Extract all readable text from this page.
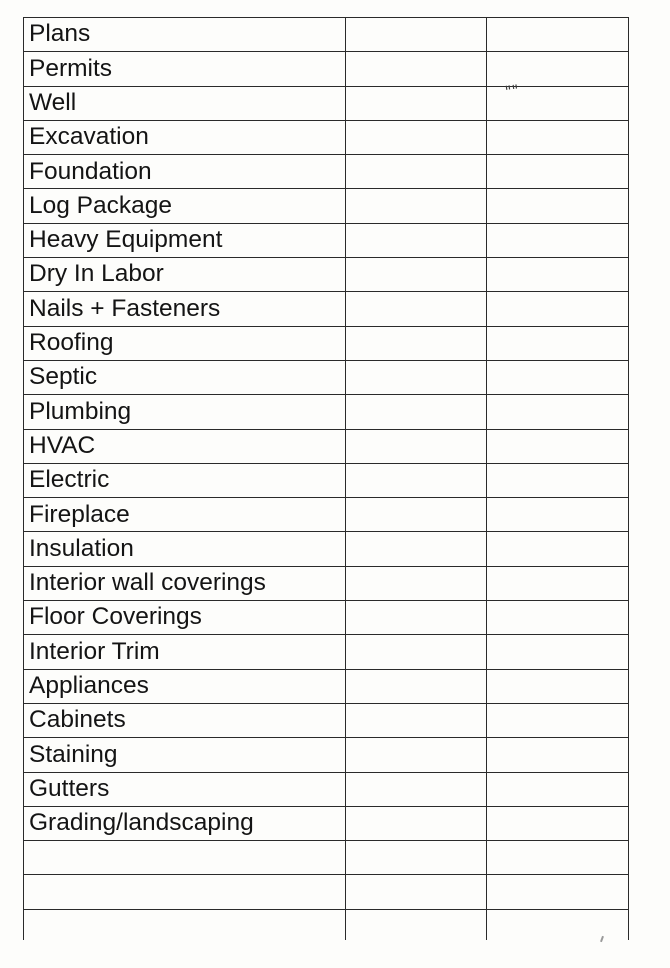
Plans		
Permits		
Well		
Excavation		
Foundation		
Log Package		
Heavy Equipment		
Dry In Labor		
Nails + Fasteners		
Roofing		
Septic		
Plumbing		
HVAC		
Electric		
Fireplace		
Insulation		
Interior wall coverings		
Floor Coverings		
Interior Trim		
Appliances		
Cabinets		
Staining		
Gutters		
Grading/landscaping		

""
